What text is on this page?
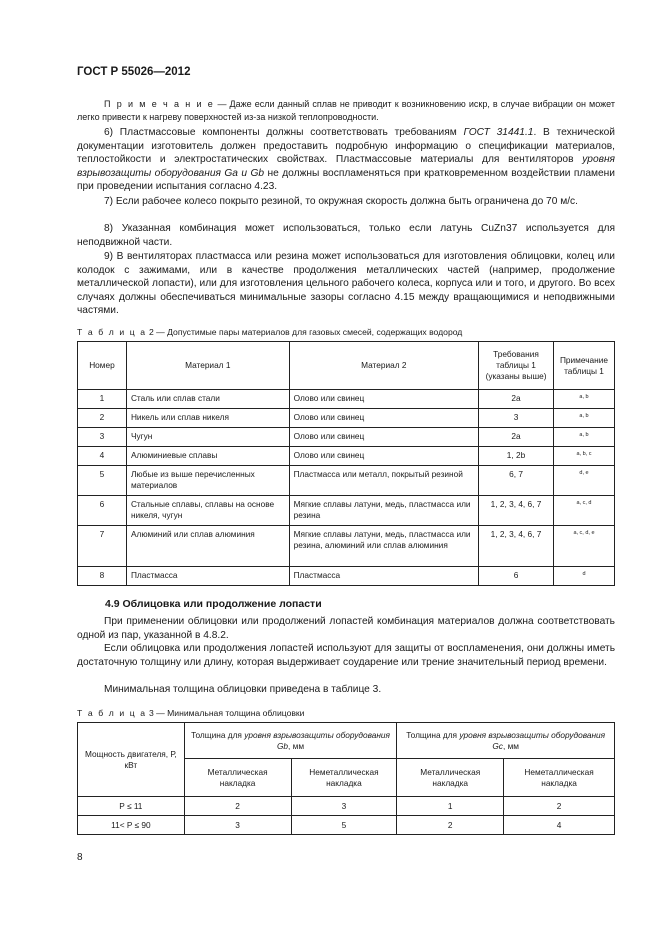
ГОСТ Р 55026—2012
П р и м е ч а н и е — Даже если данный сплав не приводит к возникновению искр, в случае вибрации он может легко привести к нагреву поверхностей из-за низкой теплопроводности.
6) Пластмассовые компоненты должны соответствовать требованиям ГОСТ 31441.1. В технической документации изготовитель должен предоставить подробную информацию о спецификации материалов, теплостойкости и электростатических свойствах. Пластмассовые материалы для вентиляторов уровня взрывозащиты оборудования Ga и Gb не должны воспламеняться при кратковременном воздействии пламени при проведении испытания согласно 4.23.
7) Если рабочее колесо покрыто резиной, то окружная скорость должна быть ограничена до 70 м/с.
8) Указанная комбинация может использоваться, только если латунь CuZn37 используется для неподвижной части.
9) В вентиляторах пластмасса или резина может использоваться для изготовления облицовки, колец или колодок с зажимами, или в качестве продолжения металлических частей (например, продолжение металлической лопасти), или для изготовления цельного рабочего колеса, корпуса или и того, и другого. Во всех случаях должны обеспечиваться минимальные зазоры согласно 4.15 между вращающимися и неподвижными частями.
Т а б л и ц а 2 — Допустимые пары материалов для газовых смесей, содержащих водород
Номер	Материал 1	Материал 2	Требования таблицы 1 (указаны выше)	Примечание таблицы 1
1	Сталь или сплав стали	Олово или свинец	2a	a, b
2	Никель или сплав никеля	Олово или свинец	3	a, b
3	Чугун	Олово или свинец	2a	a, b
4	Алюминиевые сплавы	Олово или свинец	1, 2b	a, b, c
5	Любые из выше перечисленных материалов	Пластмасса или металл, покрытый резиной	6, 7	d, e
6	Стальные сплавы, сплавы на основе никеля, чугун	Мягкие сплавы латуни, медь, пластмасса или резина	1, 2, 3, 4, 6, 7	a, c, d
7	Алюминий или сплав алюминия	Мягкие сплавы латуни, медь, пластмасса или резина, алюминий или сплав алюминия	1, 2, 3, 4, 6, 7	a, c, d, e
8	Пластмасса	Пластмасса	6	d
4.9 Облицовка или продолжение лопасти
При применении облицовки или продолжений лопастей комбинация материалов должна соответствовать одной из пар, указанной в 4.8.2.
Если облицовка или продолжения лопастей используют для защиты от воспламенения, они должны иметь достаточную толщину или длину, которая выдерживает соударение или трение значительный период времени.
Минимальная толщина облицовки приведена в таблице 3.
Т а б л и ц а 3 — Минимальная толщина облицовки
Мощность двигателя, Р, кВт	Толщина для уровня взрывозащиты оборудования Gb, мм		Толщина для уровня взрывозащиты оборудования Gc, мм	
	Металлическая накладка	Неметаллическая накладка	Металлическая накладка	Неметаллическая накладка
P ≤ 11	2	3	1	2
11< P ≤ 90	3	5	2	4
8
